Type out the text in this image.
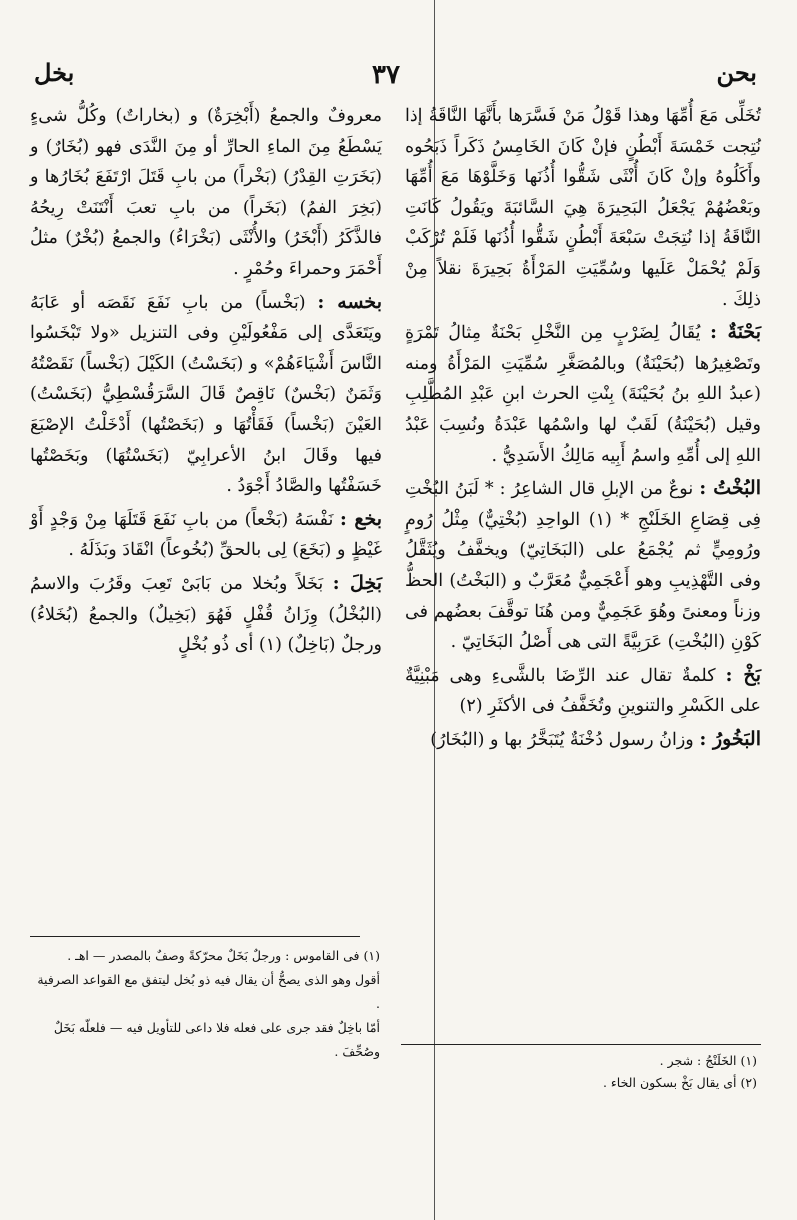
بحن
٣٧
بخل

تُخَلِّى مَعَ أُمِّهَا وهذا قَوْلُ مَنْ فَسَّرَها بأَنَّهَا النَّاقَةُ إذا نُتِجت خَمْسَةَ أَبْطُنٍ فإنْ كَانَ الخَامِسُ ذَكَراً ذَبَحُوه وأَكَلُوهُ وإنْ كَانَ أُنْثَى شَقُّوا أُذُنَها وَخَلَّوْهَا مَعَ أُمِّهَا وبَعْضُهُمْ يَجْعَلُ البَحِيرَةَ هِيَ السَّائبَةَ ويَقُولُ كَانَتِ النَّاقَةُ إذا نُتِجَتْ سَبْعَةَ أَبْطُنٍ شَقُّوا أُذُنَها فَلَمْ تُرْكَبْ وَلَمْ يُحْمَلْ عَلَيها وسُمِّيَتِ المَرْأَةُ بَحِيرَةَ نقلاً مِنْ ذلِكَ .

بَحْنَةٌ : يُقَالُ لِضَرْبٍ مِن النَّخْلِ بَحْنَةٌ مِثالُ تَمْرَةٍ وتَصْغِيرُها (بُحَيْنَةٌ) وبالمُصَغَّرِ سُمِّيَتِ المَرْأَةُ ومنه (عبدُ اللهِ بنُ بُحَيْنَةَ) بِنْتِ الحرث ابنِ عَبْدِ المُطَّلِبِ وقيل (بُحَيْنَةُ) لَقَبٌ لها واسْمُها عَبْدَةُ ونُسِبَ عَبْدُ اللهِ إلى أُمِّهِ واسمُ أَبِيه مَالِكُ الأَسَدِيُّ .

البُخْتُ : نوعٌ من الإبلِ قال الشاعِرُ : * لَبَنُ البُخْتِ فِى قِصَاعِ الخَلَنْجِ * (١) الواحِدِ (بُخْتِيٌّ) مِثْلُ رُومٍ ورُومِيٍّ ثم يُجْمَعُ على (البَخَاتِيّ) ويخفَّفُ ويُثَقَّلُ وفى التَّهْذِيبِ وهو أَعْجَمِيٌّ مُعَرَّبٌ و (البَخْتُ) الحظُّ وزناً ومعنىً وهُوَ عَجَمِيٌّ ومن هُنَا توقَّفَ بعضُهم فى كَوْنِ (البُخْتِ) عَرَبِيَّةً التى هى أَصْلُ البَخَاتِيّ .

بَخْ : كلمةٌ تقال عند الرِّضَا بالشَّىءِ وهى مَبْنِيَّةٌ على الكَسْرِ والتنوينِ وتُخَفَّفُ فى الأكثَرِ (٢)

البَخُورُ : وزانُ رسول دُخْنَةٌ يُتَبَخَّرُ بها و (البُخَارُ)

معروفٌ والجمعُ (أَبْخِرَةٌ) و (بخاراتٌ) وكُلُّ شىءٍ يَسْطَعُ مِنَ الماءِ الحارِّ أو مِنَ النَّدَى فهو (بُخَارٌ) و (بَخَرَتِ القِدْرُ) (بَخْراً) من بابِ قَتَلَ ارْتَفَعَ بُخَارُها و (بَخِرَ الفمُ) (بَخَراً) من بابِ تعبَ أَنْتَنَتْ رِيحُهُ فالذَّكَرُ (أَبْخَرُ) والأُنْثَى (بَخْرَاءُ) والجمعُ (بُخْرٌ) مثلُ أَحْمَرَ وحمراءَ وحُمْرٍ .

بخسه : (بَخْساً) من بابِ نَفَعَ نَقَصَه أو عَابَهُ ويَتَعَدَّى إلى مَفْعُولَيْنِ وفى التنزيل «ولا تَبْخَسُوا النَّاسَ أَشْيَاءَهُمْ» و (بَخَسْتُ) الكَيْلَ (بَخْساً) نَقَصْتُهُ وَثَمَنٌ (بَخْسٌ) نَاقِصٌ قَالَ السَّرَقُسْطِيُّ (بَخَسْتُ) العَيْنَ (بَخْساً) فَقَأْتُهَا و (بَخَصْتُها) أَدْخَلْتُ الإصْبَعَ فيها وقَالَ ابنُ الأعرابِيّ (بَخَسْتُهَا) وبَخَصْتُها خَسَفْتُها والصَّادُ أَجْوَدُ .

بخع : نَفْسَهُ (بَخْعاً) من بابِ نَفَعَ قَتَلَهَا مِنْ وَجْدٍ أَوْ غَيْظٍ و (بَخَعَ) لِى بالحقِّ (بُخُوعاً) انْقَادَ وبَذَلَهُ .

بَخِلَ : بَخَلاً وبُخلا من بَابَىْ تَعِبَ وقَرُبَ والاسمُ (البُخْلُ) وِزَانُ قُفْلٍ فَهُوَ (بَخِيلٌ) والجمعُ (بُخَلاءُ) ورجلٌ (بَاخِلٌ) (١) أى ذُو بُخْلٍ

(١) فى القاموس : ورجلٌ بَخَلٌ محرّكةً وصفٌ بالمصدر — اهـ .

أقول وهو الذى يصحُّ أن يقال فيه ذو بُخل ليتفق مع القواعد الصرفية .

أمّا باخِلٌ فقد جرى على فعله فلا داعى للتأويل فيه — فلعلّه بَخَلٌ وصُحِّفَ .

(١) الخَلَنْجُ : شجر .

(٢) أى يقال بَخْ بسكون الخاء .
